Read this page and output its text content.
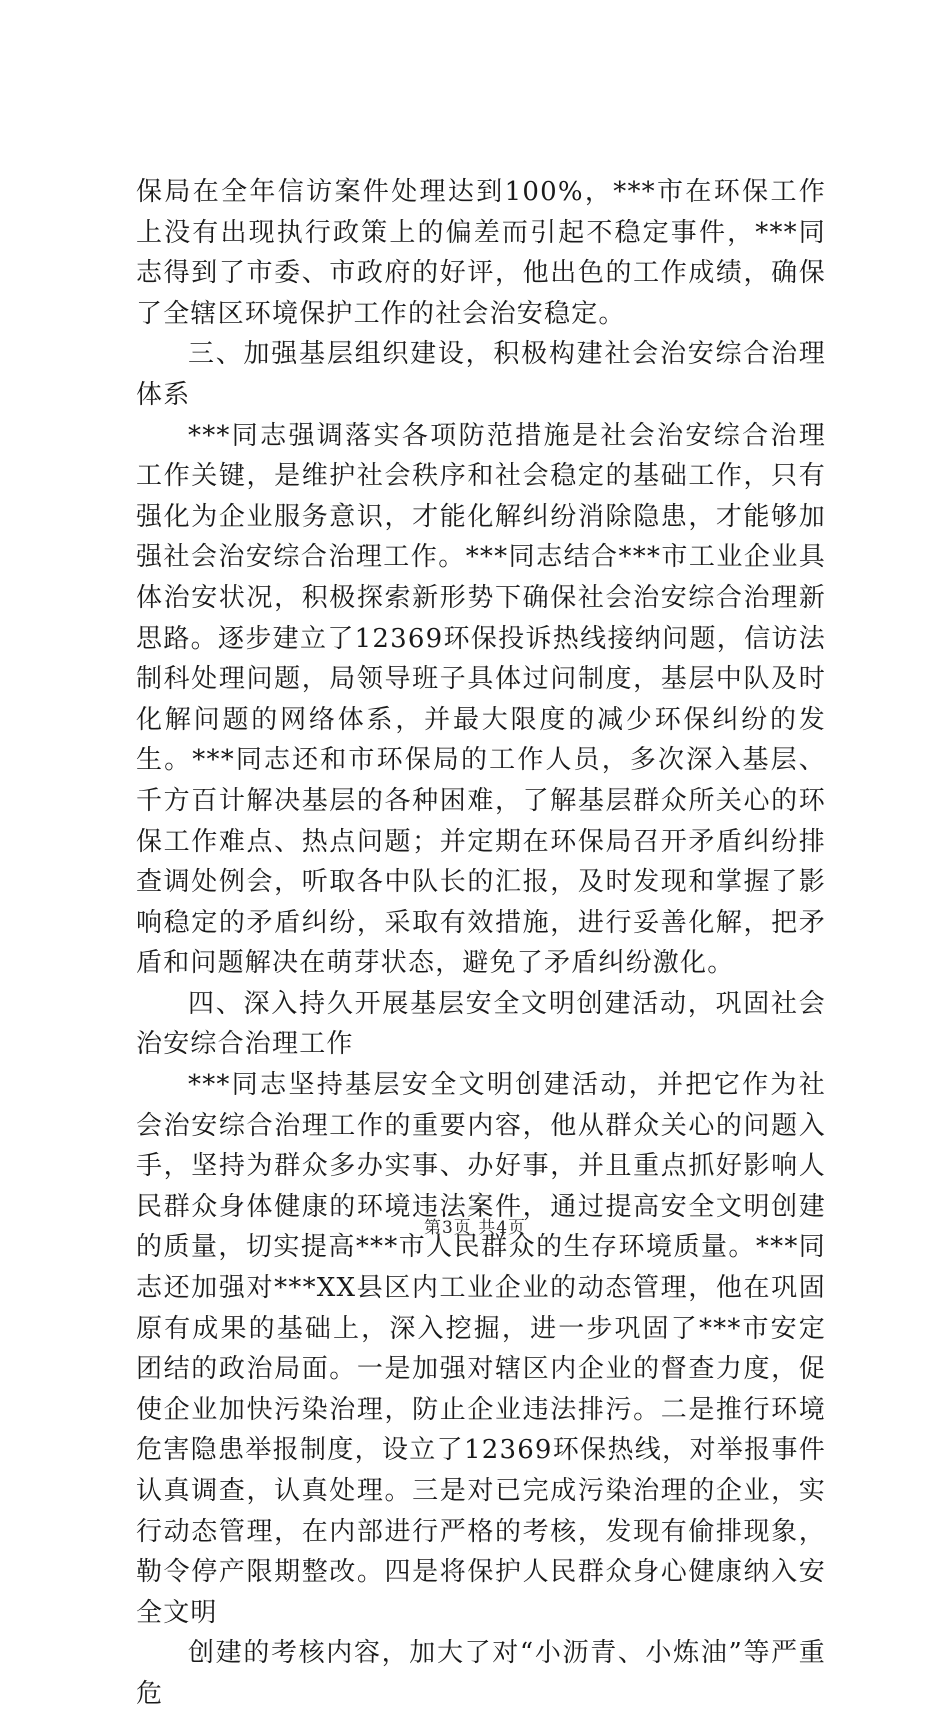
保局在全年信访案件处理达到100%，***市在环保工作上没有出现执行政策上的偏差而引起不稳定事件，***同志得到了市委、市政府的好评，他出色的工作成绩，确保了全辖区环境保护工作的社会治安稳定。

三、加强基层组织建设，积极构建社会治安综合治理体系

***同志强调落实各项防范措施是社会治安综合治理工作关键，是维护社会秩序和社会稳定的基础工作，只有强化为企业服务意识，才能化解纠纷消除隐患，才能够加强社会治安综合治理工作。***同志结合***市工业企业具体治安状况，积极探索新形势下确保社会治安综合治理新思路。逐步建立了12369环保投诉热线接纳问题，信访法制科处理问题，局领导班子具体过问制度，基层中队及时化解问题的网络体系，并最大限度的减少环保纠纷的发生。***同志还和市环保局的工作人员，多次深入基层、千方百计解决基层的各种困难，了解基层群众所关心的环保工作难点、热点问题；并定期在环保局召开矛盾纠纷排查调处例会，听取各中队长的汇报，及时发现和掌握了影响稳定的矛盾纠纷，采取有效措施，进行妥善化解，把矛盾和问题解决在萌芽状态，避免了矛盾纠纷激化。

四、深入持久开展基层安全文明创建活动，巩固社会治安综合治理工作

***同志坚持基层安全文明创建活动，并把它作为社会治安综合治理工作的重要内容，他从群众关心的问题入手，坚持为群众多办实事、办好事，并且重点抓好影响人民群众身体健康的环境违法案件，通过提高安全文明创建的质量，切实提高***市人民群众的生存环境质量。***同志还加强对***XX县区内工业企业的动态管理，他在巩固原有成果的基础上，深入挖掘，进一步巩固了***市安定团结的政治局面。一是加强对辖区内企业的督查力度，促使企业加快污染治理，防止企业违法排污。二是推行环境危害隐患举报制度，设立了12369环保热线，对举报事件认真调查，认真处理。三是对已完成污染治理的企业，实行动态管理，在内部进行严格的考核，发现有偷排现象，勒令停产限期整改。四是将保护人民群众身心健康纳入安全文明

创建的考核内容，加大了对“小沥青、小炼油”等严重危

第3页 共4页
